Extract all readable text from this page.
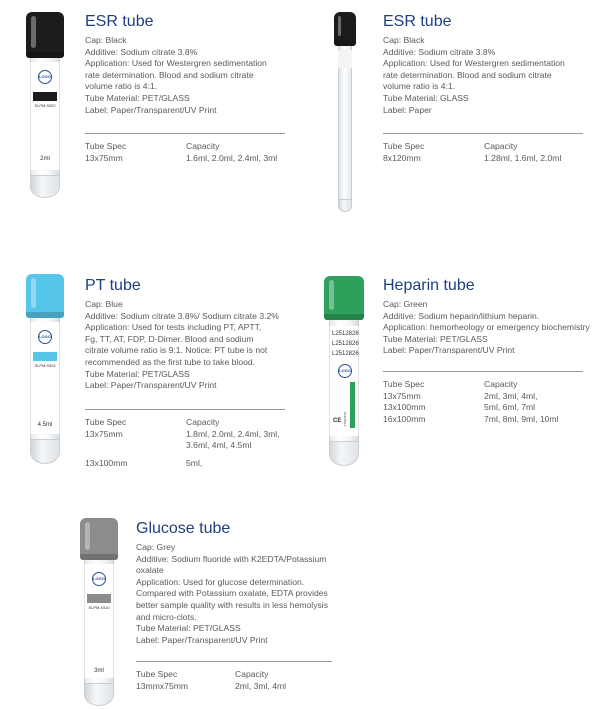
LOGO
SLPM-9302
2ml
ESR tube
Cap: Black
Additive: Sodium citrate 3.8%
Application: Used for Westergren sedimentation
rate determination. Blood and sodium citrate
volume ratio is 4:1.
Tube Material: PET/GLASS
Label: Paper/Transparent/UV Print
Tube Spec	Capacity
13x75mm	1.6ml, 2.0ml, 2.4ml, 3ml
ESR tube
Cap: Black
Additive: Sodium citrate 3.8%
Application: Used for Westergren sedimentation
rate determination. Blood and sodium citrate
volume ratio is 4:1.
Tube Material: GLASS
Label: Paper
Tube Spec	Capacity
8x120mm	1.28ml, 1.6ml, 2.0ml
LOGO
SLPM-9304
4.5ml
PT tube
Cap: Blue
Additive: Sodium citrate 3.8%/ Sodium citrate 3.2%
Application: Used for tests including PT, APTT,
Fg, TT, AT, FDP, D-Dimer. Blood and sodium
citrate volume ratio is 9:1. Notice: PT tube is not
recommended as the first tube to take blood.
Tube Material: PET/GLASS
Label: Paper/Transparent/UV Print
Tube Spec	Capacity
13x75mm	1.8ml, 2.0ml, 2.4ml, 3ml,
3.6ml, 4ml, 4.5ml
13x100mm	5ml,
L2512826
L2512826
L2512826
LOGO
Heparin
CE
Heparin tube
Cap: Green
Additive: Sodium heparin/lithium heparin.
Application: hemorheology or emergency biochemistry
Tube Material: PET/GLASS
Label: Paper/Transparent/UV Print
Tube Spec	Capacity
13x75mm	2ml, 3ml, 4ml,
13x100mm	5ml, 6ml, 7ml
16x100mm	7ml, 8ml, 9ml, 10ml
LOGO
SLPM-9310
3ml
Glucose tube
Cap: Grey
Additive: Sodium fluoride with K2EDTA/Potassium
oxalate
Application: Used for glucose determination.
Compared with Potassium oxalate, EDTA provides
better sample quality with results in less hemolysis
and micro-clots.
Tube Material: PET/GLASS
Label: Paper/Transparent/UV Print
Tube Spec	Capacity
13mmx75mm	2ml, 3ml, 4ml
